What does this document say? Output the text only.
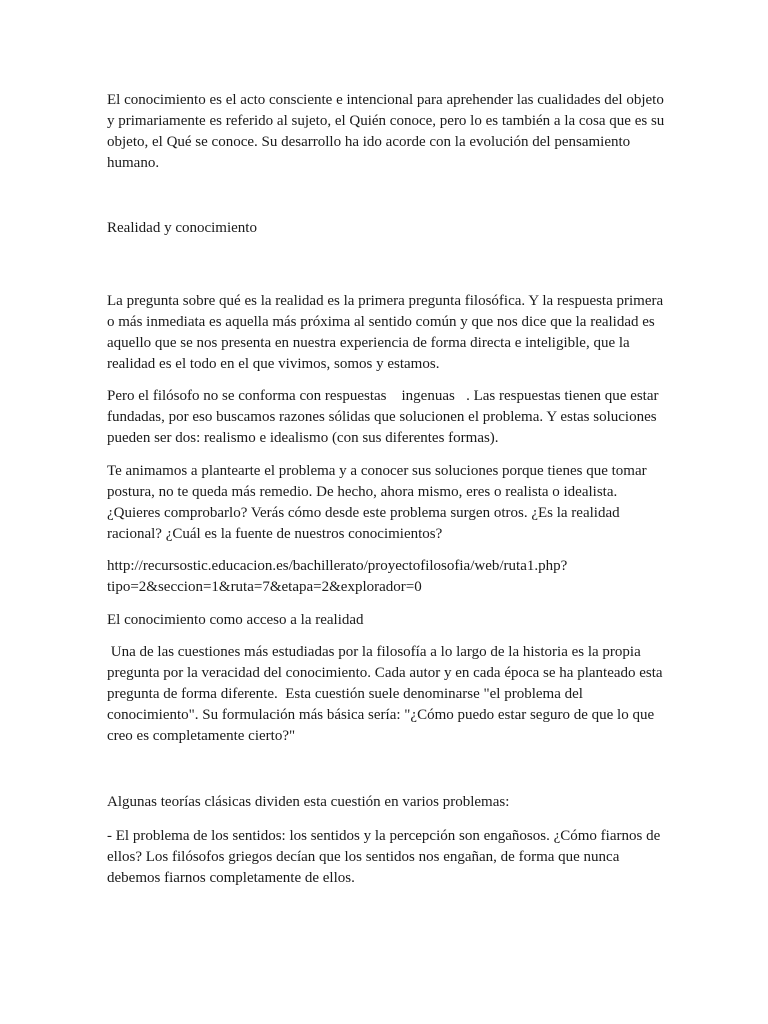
El conocimiento es el acto consciente e intencional para aprehender las cualidades del objeto y primariamente es referido al sujeto, el Quién conoce, pero lo es también a la cosa que es su objeto, el Qué se conoce. Su desarrollo ha ido acorde con la evolución del pensamiento humano.

Realidad y conocimiento

La pregunta sobre qué es la realidad es la primera pregunta filosófica. Y la respuesta primera o más inmediata es aquella más próxima al sentido común y que nos dice que la realidad es aquello que se nos presenta en nuestra experiencia de forma directa e inteligible, que la realidad es el todo en el que vivimos, somos y estamos.

Pero el filósofo no se conforma con respuestas    ingenuas   . Las respuestas tienen que estar fundadas, por eso buscamos razones sólidas que solucionen el problema. Y estas soluciones pueden ser dos: realismo e idealismo (con sus diferentes formas).

Te animamos a plantearte el problema y a conocer sus soluciones porque tienes que tomar postura, no te queda más remedio. De hecho, ahora mismo, eres o realista o idealista. ¿Quieres comprobarlo? Verás cómo desde este problema surgen otros. ¿Es la realidad racional? ¿Cuál es la fuente de nuestros conocimientos?

http://recursostic.educacion.es/bachillerato/proyectofilosofia/web/ruta1.php?
tipo=2&seccion=1&ruta=7&etapa=2&explorador=0

El conocimiento como acceso a la realidad

Una de las cuestiones más estudiadas por la filosofía a lo largo de la historia es la propia pregunta por la veracidad del conocimiento. Cada autor y en cada época se ha planteado esta pregunta de forma diferente.  Esta cuestión suele denominarse "el problema del conocimiento". Su formulación más básica sería: "¿Cómo puedo estar seguro de que lo que creo es completamente cierto?"

Algunas teorías clásicas dividen esta cuestión en varios problemas:

- El problema de los sentidos: los sentidos y la percepción son engañosos. ¿Cómo fiarnos de ellos? Los filósofos griegos decían que los sentidos nos engañan, de forma que nunca debemos fiarnos completamente de ellos.
